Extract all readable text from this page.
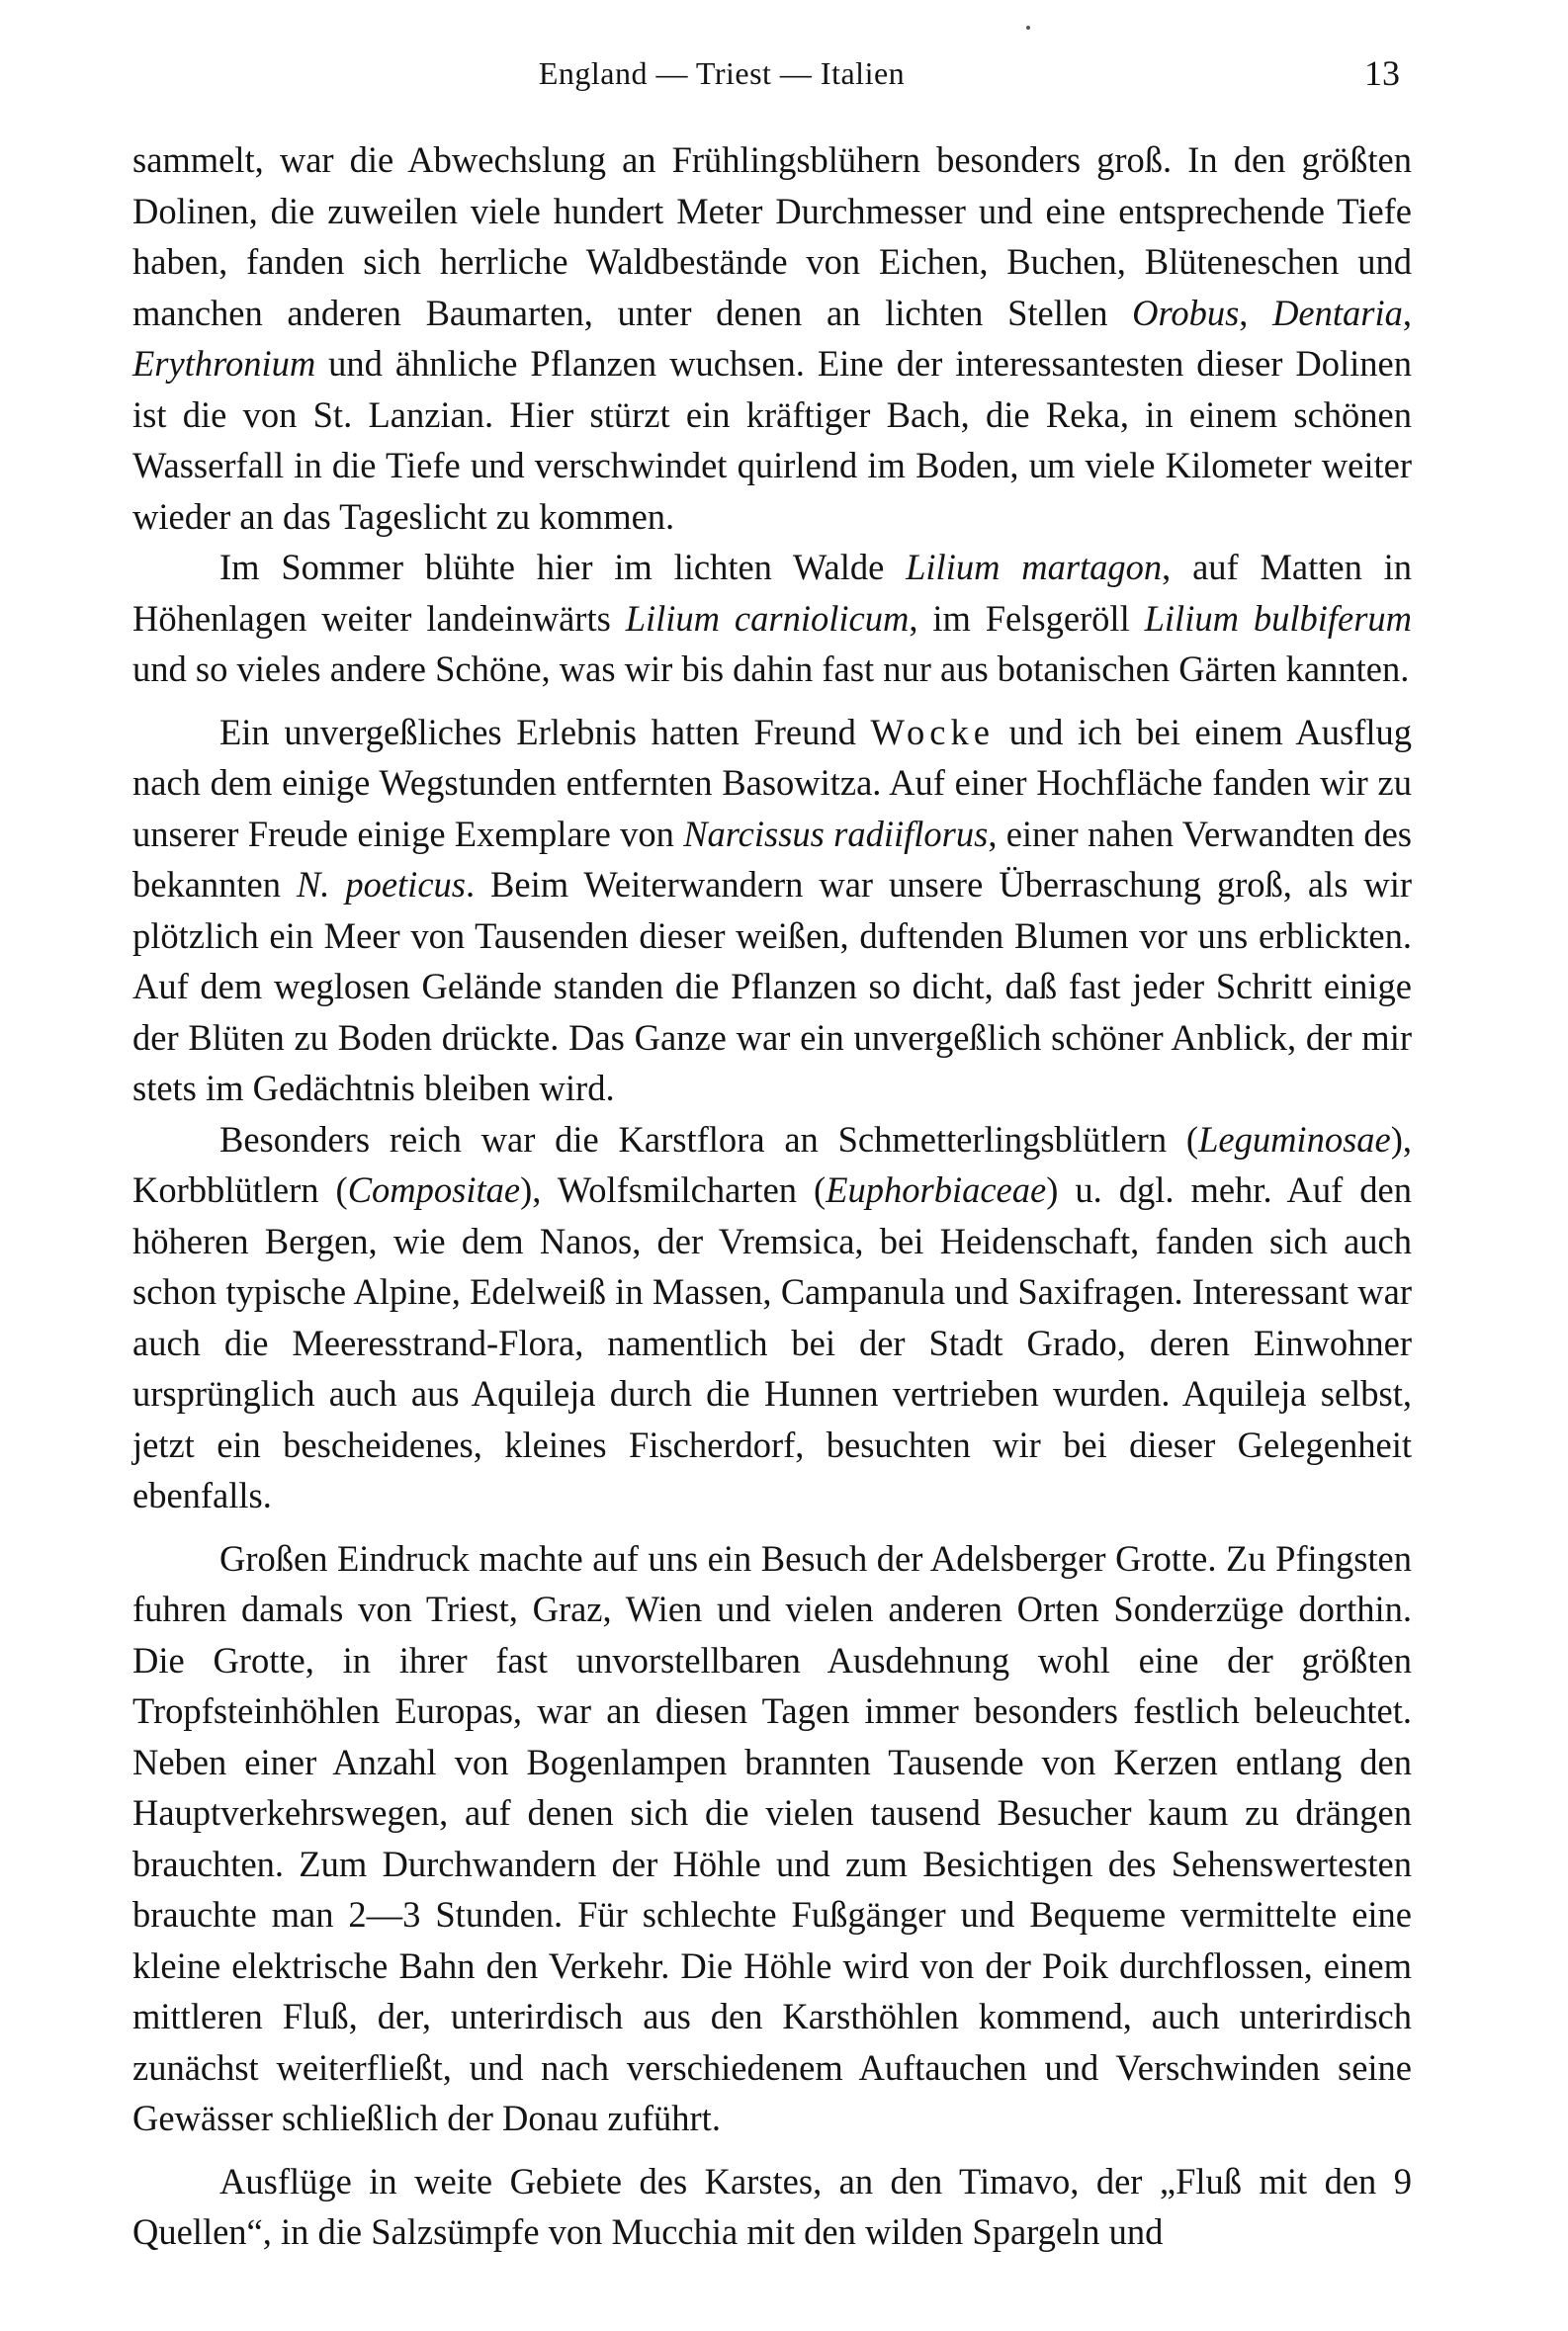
England — Triest — Italien	13

sammelt, war die Abwechslung an Frühlingsblühern besonders groß. In den größten Dolinen, die zuweilen viele hundert Meter Durchmesser und eine entsprechende Tiefe haben, fanden sich herrliche Waldbestände von Eichen, Buchen, Blüteneschen und manchen anderen Baumarten, unter denen an lichten Stellen Orobus, Dentaria, Erythronium und ähnliche Pflanzen wuchsen. Eine der interessantesten dieser Dolinen ist die von St. Lanzian. Hier stürzt ein kräftiger Bach, die Reka, in einem schönen Wasserfall in die Tiefe und verschwindet quirlend im Boden, um viele Kilometer weiter wieder an das Tageslicht zu kommen.

Im Sommer blühte hier im lichten Walde Lilium martagon, auf Matten in Höhenlagen weiter landeinwärts Lilium carniolicum, im Felsgeröll Lilium bulbiferum und so vieles andere Schöne, was wir bis dahin fast nur aus botanischen Gärten kannten.

Ein unvergeßliches Erlebnis hatten Freund Wocke und ich bei einem Ausflug nach dem einige Wegstunden entfernten Basowitza. Auf einer Hochfläche fanden wir zu unserer Freude einige Exemplare von Narcissus radiiflorus, einer nahen Verwandten des bekannten N. poeticus. Beim Weiterwandern war unsere Überraschung groß, als wir plötzlich ein Meer von Tausenden dieser weißen, duftenden Blumen vor uns erblickten. Auf dem weglosen Gelände standen die Pflanzen so dicht, daß fast jeder Schritt einige der Blüten zu Boden drückte. Das Ganze war ein unvergeßlich schöner Anblick, der mir stets im Gedächtnis bleiben wird.

Besonders reich war die Karstflora an Schmetterlingsblütlern (Leguminosae), Korbblütlern (Compositae), Wolfsmilcharten (Euphorbiaceae) u. dgl. mehr. Auf den höheren Bergen, wie dem Nanos, der Vremsica, bei Heidenschaft, fanden sich auch schon typische Alpine, Edelweiß in Massen, Campanula und Saxifragen. Interessant war auch die Meeresstrand-Flora, namentlich bei der Stadt Grado, deren Einwohner ursprünglich auch aus Aquileja durch die Hunnen vertrieben wurden. Aquileja selbst, jetzt ein bescheidenes, kleines Fischerdorf, besuchten wir bei dieser Gelegenheit ebenfalls.

Großen Eindruck machte auf uns ein Besuch der Adelsberger Grotte. Zu Pfingsten fuhren damals von Triest, Graz, Wien und vielen anderen Orten Sonderzüge dorthin. Die Grotte, in ihrer fast unvorstellbaren Ausdehnung wohl eine der größten Tropfsteinhöhlen Europas, war an diesen Tagen immer besonders festlich beleuchtet. Neben einer Anzahl von Bogenlampen brannten Tausende von Kerzen entlang den Hauptverkehrswegen, auf denen sich die vielen tausend Besucher kaum zu drängen brauchten. Zum Durchwandern der Höhle und zum Besichtigen des Sehenswertesten brauchte man 2—3 Stunden. Für schlechte Fußgänger und Bequeme vermittelte eine kleine elektrische Bahn den Verkehr. Die Höhle wird von der Poik durchflossen, einem mittleren Fluß, der, unterirdisch aus den Karsthöhlen kommend, auch unterirdisch zunächst weiterfließt, und nach verschiedenem Auftauchen und Verschwinden seine Gewässer schließlich der Donau zuführt.

Ausflüge in weite Gebiete des Karstes, an den Timavo, der „Fluß mit den 9 Quellen“, in die Salzsümpfe von Mucchia mit den wilden Spargeln und
